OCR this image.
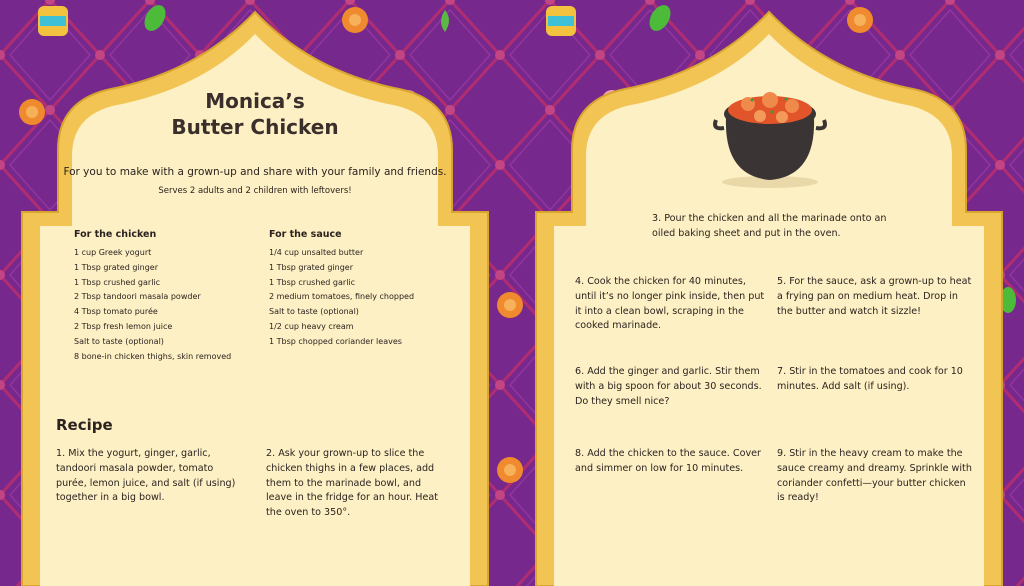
Monica’s
Butter Chicken

For you to make with a grown-up and share with your family and friends.

Serves 2 adults and 2 children with leftovers!

For the chicken

1 cup Greek yogurt
1 Tbsp grated ginger
1 Tbsp crushed garlic
2 Tbsp tandoori masala powder
4 Tbsp tomato purée
2 Tbsp fresh lemon juice
Salt to taste (optional)
8 bone-in chicken thighs, skin removed

For the sauce

1/4 cup unsalted butter
1 Tbsp grated ginger
1 Tbsp crushed garlic
2 medium tomatoes, finely chopped
Salt to taste (optional)
1/2 cup heavy cream
1 Tbsp chopped coriander leaves

Recipe

1. Mix the yogurt, ginger, garlic, tandoori masala powder, tomato purée, lemon juice, and salt (if using) together in a big bowl.

2. Ask your grown-up to slice the chicken thighs in a few places, add them to the marinade bowl, and leave in the fridge for an hour. Heat the oven to 350°.

3. Pour the chicken and all the marinade onto an oiled baking sheet and put in the oven.

4. Cook the chicken for 40 minutes, until it’s no longer pink inside, then put it into a clean bowl, scraping in the cooked marinade.

5. For the sauce, ask a grown-up to heat a frying pan on medium heat. Drop in the butter and watch it sizzle!

6. Add the ginger and garlic. Stir them with a big spoon for about 30 seconds. Do they smell nice?

7. Stir in the tomatoes and cook for 10 minutes. Add salt (if using).

8. Add the chicken to the sauce. Cover and simmer on low for 10 minutes.

9. Stir in the heavy cream to make the sauce creamy and dreamy. Sprinkle with coriander confetti—your butter chicken is ready!
